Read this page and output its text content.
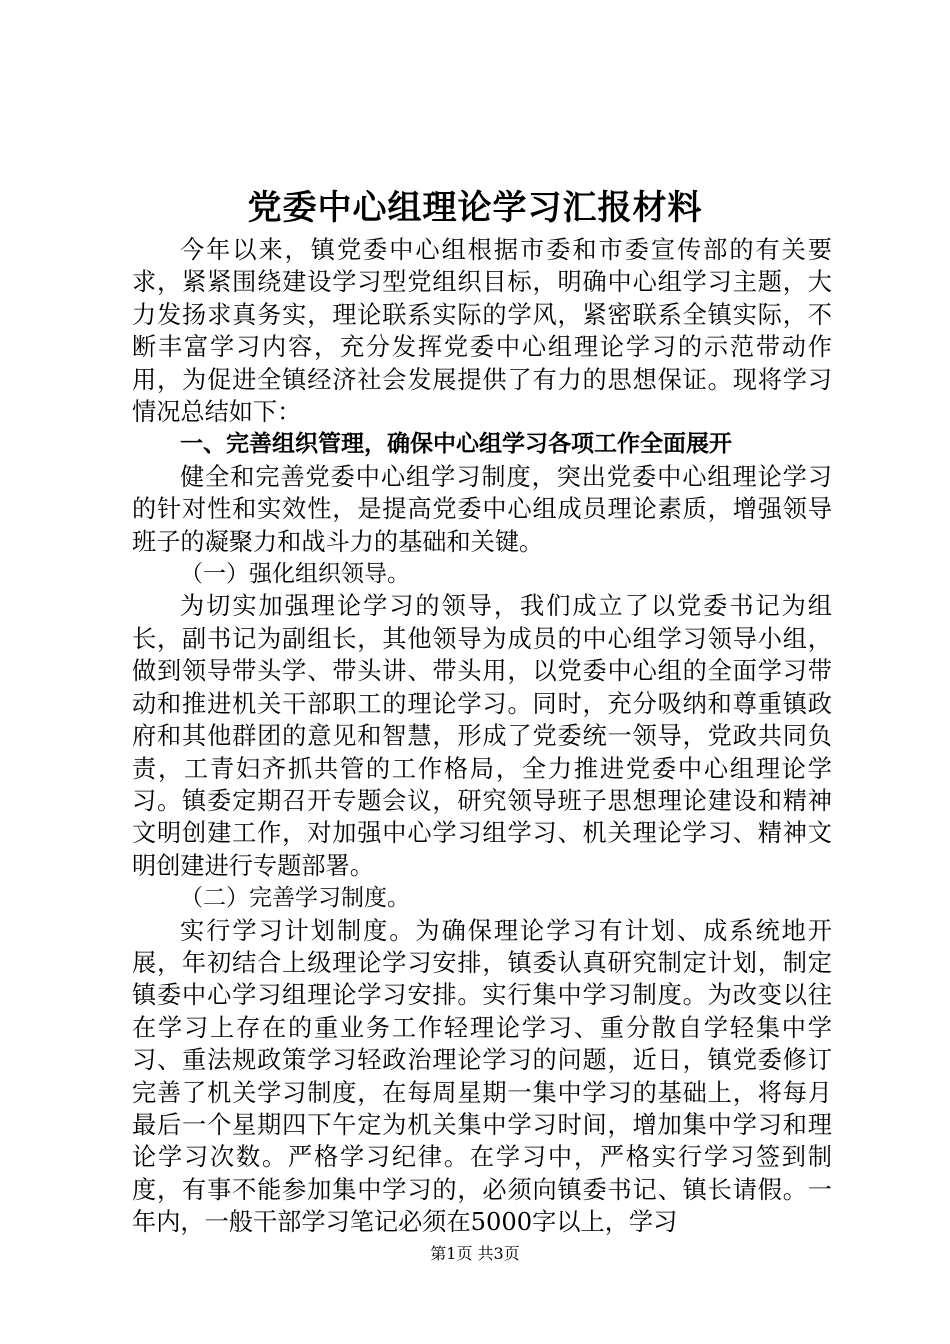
党委中心组理论学习汇报材料

今年以来，镇党委中心组根据市委和市委宣传部的有关要求，紧紧围绕建设学习型党组织目标，明确中心组学习主题，大力发扬求真务实，理论联系实际的学风，紧密联系全镇实际，不断丰富学习内容，充分发挥党委中心组理论学习的示范带动作用，为促进全镇经济社会发展提供了有力的思想保证。现将学习情况总结如下：

一、完善组织管理，确保中心组学习各项工作全面展开

健全和完善党委中心组学习制度，突出党委中心组理论学习的针对性和实效性，是提高党委中心组成员理论素质，增强领导班子的凝聚力和战斗力的基础和关键。

（一）强化组织领导。

为切实加强理论学习的领导，我们成立了以党委书记为组长，副书记为副组长，其他领导为成员的中心组学习领导小组，做到领导带头学、带头讲、带头用，以党委中心组的全面学习带动和推进机关干部职工的理论学习。同时，充分吸纳和尊重镇政府和其他群团的意见和智慧，形成了党委统一领导，党政共同负责，工青妇齐抓共管的工作格局，全力推进党委中心组理论学习。镇委定期召开专题会议，研究领导班子思想理论建设和精神文明创建工作，对加强中心学习组学习、机关理论学习、精神文明创建进行专题部署。

（二）完善学习制度。

实行学习计划制度。为确保理论学习有计划、成系统地开展，年初结合上级理论学习安排，镇委认真研究制定计划，制定镇委中心学习组理论学习安排。实行集中学习制度。为改变以往在学习上存在的重业务工作轻理论学习、重分散自学轻集中学习、重法规政策学习轻政治理论学习的问题，近日，镇党委修订完善了机关学习制度，在每周星期一集中学习的基础上，将每月最后一个星期四下午定为机关集中学习时间，增加集中学习和理论学习次数。严格学习纪律。在学习中，严格实行学习签到制度，有事不能参加集中学习的，必须向镇委书记、镇长请假。一年内，一般干部学习笔记必须在5000字以上，学习

第1页 共3页
